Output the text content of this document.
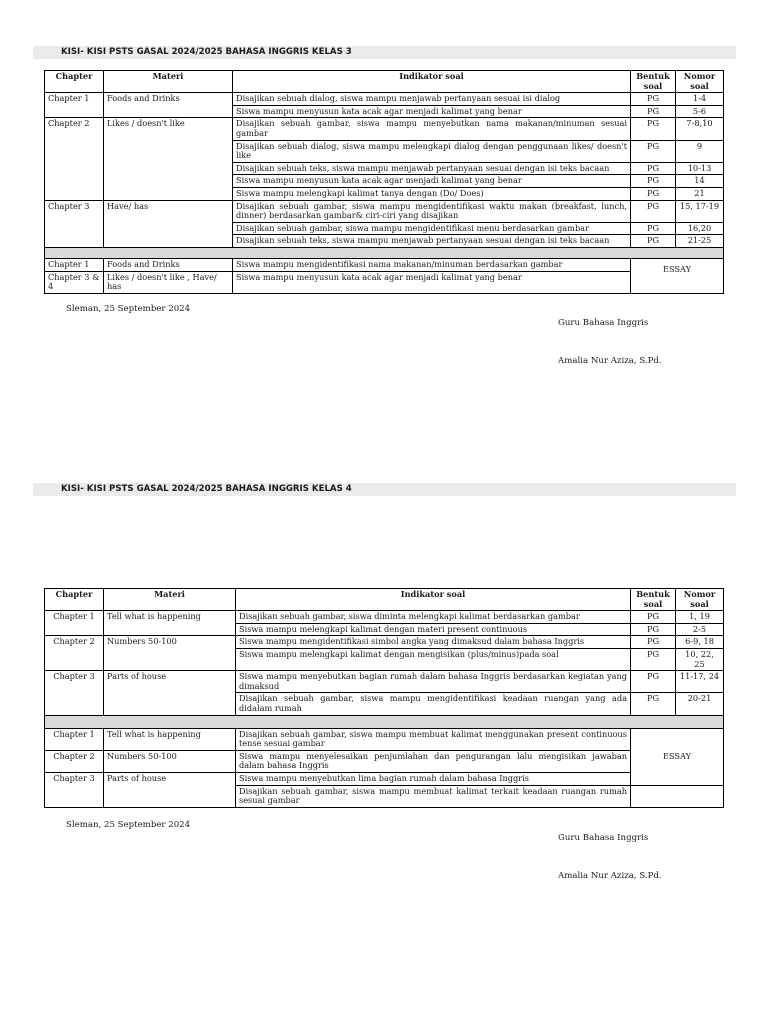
KISI- KISI PSTS GASAL 2024/2025 BAHASA INGGRIS KELAS 3
Chapter	Materi	Indikator soal	Bentuk soal	Nomor soal
Chapter 1	Foods and Drinks	Disajikan sebuah dialog, siswa mampu menjawab pertanyaan sesuai isi dialog	PG	1-4
		Siswa mampu menyusun kata acak agar menjadi kalimat yang benar	PG	5-6
Chapter 2	Likes / doesn't like	Disajikan sebuah gambar, siswa mampu menyebutkan nama makanan/minuman sesuai gambar	PG	7-8,10
		Disajikan sebuah dialog, siswa mampu melengkapi dialog dengan penggunaan likes/ doesn't like	PG	9
		Disajikan sebuah teks, siswa mampu menjawab pertanyaan sesuai dengan isi teks bacaan	PG	10-13
		Siswa mampu menyusun kata acak agar menjadi kalimat yang benar	PG	14
		Siswa mampu melengkapi kalimat tanya dengan (Do/ Does)	PG	21
Chapter 3	Have/ has	Disajikan sebuah gambar, siswa mampu mengidentifikasi waktu makan (breakfast, lunch, dinner) berdasarkan gambar& ciri-ciri yang disajikan	PG	15, 17-19
		Disajikan sebuah gambar, siswa mampu mengidentifikasi menu berdasarkan gambar	PG	16,20
		Disajikan sebuah teks, siswa mampu menjawab pertanyaan sesuai dengan isi teks bacaan	PG	21-25

Chapter 1	Foods and Drinks	Siswa mampu mengidentifikasi nama makanan/minuman berdasarkan gambar	ESSAY	
Chapter 3 & 4	Likes / doesn't like , Have/ has	Siswa mampu menyusun kata acak agar menjadi kalimat yang benar		
Sleman, 25 September 2024
Guru Bahasa Inggris
Amalia Nur Aziza, S.Pd.
KISI- KISI PSTS GASAL 2024/2025 BAHASA INGGRIS KELAS 4
Chapter	Materi	Indikator soal	Bentuk soal	Nomor soal
Chapter 1	Tell what is happening	Disajikan sebuah gambar, siswa diminta melengkapi kalimat berdasarkan gambar	PG	1, 19
		Siswa mampu melengkapi kalimat dengan materi present continuous	PG	2-5
Chapter 2	Numbers 50-100	Siswa mampu mengidentifikasi simbol angka yang dimaksud dalam bahasa Inggris	PG	6-9, 18
		Siswa mampu melengkapi kalimat dengan mengisikan (plus/minus)pada soal	PG	10, 22, 25
Chapter 3	Parts of house	Siswa mampu menyebutkan bagian rumah dalam bahasa Inggris berdasarkan kegiatan yang dimaksud	PG	11-17, 24
		Disajikan sebuah gambar, siswa mampu mengidentifikasi keadaan ruangan yang ada didalam rumah	PG	20-21

Chapter 1	Tell what is happening	Disajikan sebuah gambar, siswa mampu membuat kalimat menggunakan present continuous tense sesuai gambar	ESSAY	
Chapter 2	Numbers 50-100	Siswa mampu menyelesaikan penjumlahan dan pengurangan lalu mengisikan jawaban dalam bahasa Inggris		
Chapter 3	Parts of house	Siswa mampu menyebutkan lima bagian rumah dalam bahasa Inggris		
		Disajikan sebuah gambar, siswa mampu membuat kalimat terkait keadaan ruangan rumah sesuai gambar		
Sleman, 25 September 2024
Guru Bahasa Inggris
Amalia Nur Aziza, S.Pd.
